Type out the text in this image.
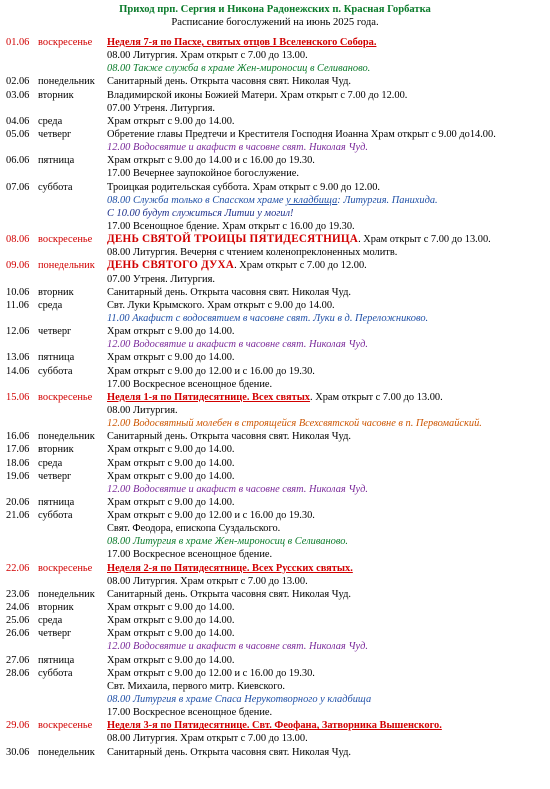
Приход прп. Сергия и Никона Радонежских п. Красная Горбатка
Расписание богослужений на июнь 2025 года.
01.06 воскресенье Неделя 7-я по Пасхе, святых отцов I Вселенского Собора.
08.00 Литургия. Храм открыт с 7.00 до 13.00.
08.00 Также служба в храме Жен-мироносиц в Селиваново.
02.06 понедельник Санитарный день. Открыта часовня свят. Николая Чуд.
03.06 вторник	Владимирской иконы Божией Матери. Храм открыт с 7.00 до 12.00.
07.00 Утреня. Литургия.
04.06 среда	Храм открыт с 9.00 до 14.00.
05.06 четверг	Обретение главы Предтечи и Крестителя Господня Иоанна Храм открыт с 9.00 до14.00.
12.00 Водосвятие и акафист в часовне свят. Николая Чуд.
06.06 пятница	Храм открыт с 9.00 до 14.00 и с 16.00 до 19.30.
17.00 Вечернее заупокойное богослужение.
07.06 суббота	Троицкая родительская суббота. Храм открыт с 9.00 до 12.00.
08.00 Служба только в Спасском храме у кладбища: Литургия. Панихида.
С 10.00 будут служиться Литии у могил!
17.00 Всенощное бдение. Храм открыт с 16.00 до 19.30.
08.06 воскресенье ДЕНЬ СВЯТОЙ ТРОИЦЫ ПЯТИДЕСЯТНИЦА. Храм открыт с 7.00 до 13.00.
08.00 Литургия. Вечерня с чтением коленопреклоненных молитв.
09.06 понедельник ДЕНЬ СВЯТОГО ДУХА. Храм открыт с 7.00 до 12.00.
07.00 Утреня. Литургия.
10.06 вторник	Санитарный день. Открыта часовня свят. Николая Чуд.
11.06 среда	Свт. Луки Крымского. Храм открыт с 9.00 до 14.00.
11.00 Акафист с водосвятием в часовне свят. Луки в д. Переложниково.
12.06 четверг	Храм открыт с 9.00 до 14.00.
12.00 Водосвятие и акафист в часовне свят. Николая Чуд.
13.06 пятница	Храм открыт с 9.00 до 14.00.
14.06 суббота	Храм открыт с 9.00 до 12.00 и с 16.00 до 19.30.
17.00 Воскресное всенощное бдение.
15.06 воскресенье Неделя 1-я по Пятидесятнице. Всех святых. Храм открыт с 7.00 до 13.00.
08.00 Литургия.
12.00 Водосвятный молебен в строящейся Всехсвятской часовне в п. Первомайский.
16.06 понедельник Санитарный день. Открыта часовня свят. Николая Чуд.
17.06 вторник	Храм открыт с 9.00 до 14.00.
18.06 среда	Храм открыт с 9.00 до 14.00.
19.06 четверг	Храм открыт с 9.00 до 14.00.
12.00 Водосвятие и акафист в часовне свят. Николая Чуд.
20.06 пятница	Храм открыт с 9.00 до 14.00.
21.06 суббота	Храм открыт с 9.00 до 12.00 и с 16.00 до 19.30.
Свят. Феодора, епископа Суздальского.
08.00 Литургия в храме Жен-мироносиц в Селиваново.
17.00 Воскресное всенощное бдение.
22.06 воскресенье Неделя 2-я по Пятидесятнице. Всех Русских святых.
08.00 Литургия. Храм открыт с 7.00 до 13.00.
23.06 понедельник Санитарный день. Открыта часовня свят. Николая Чуд.
24.06 вторник	Храм открыт с 9.00 до 14.00.
25.06 среда	Храм открыт с 9.00 до 14.00.
26.06 четверг	Храм открыт с 9.00 до 14.00.
12.00 Водосвятие и акафист в часовне свят. Николая Чуд.
27.06 пятница	Храм открыт с 9.00 до 14.00.
28.06 суббота	Храм открыт с 9.00 до 12.00 и с 16.00 до 19.30.
Свт. Михаила, первого митр. Киевского.
08.00 Литургия в храме Спаса Нерукотворного у кладбища
17.00 Воскресное всенощное бдение.
29.06 воскресенье Неделя 3-я по Пятидесятнице. Свт. Феофана, Затворника Вышенского.
08.00 Литургия. Храм открыт с 7.00 до 13.00.
30.06 понедельник Санитарный день. Открыта часовня свят. Николая Чуд.
